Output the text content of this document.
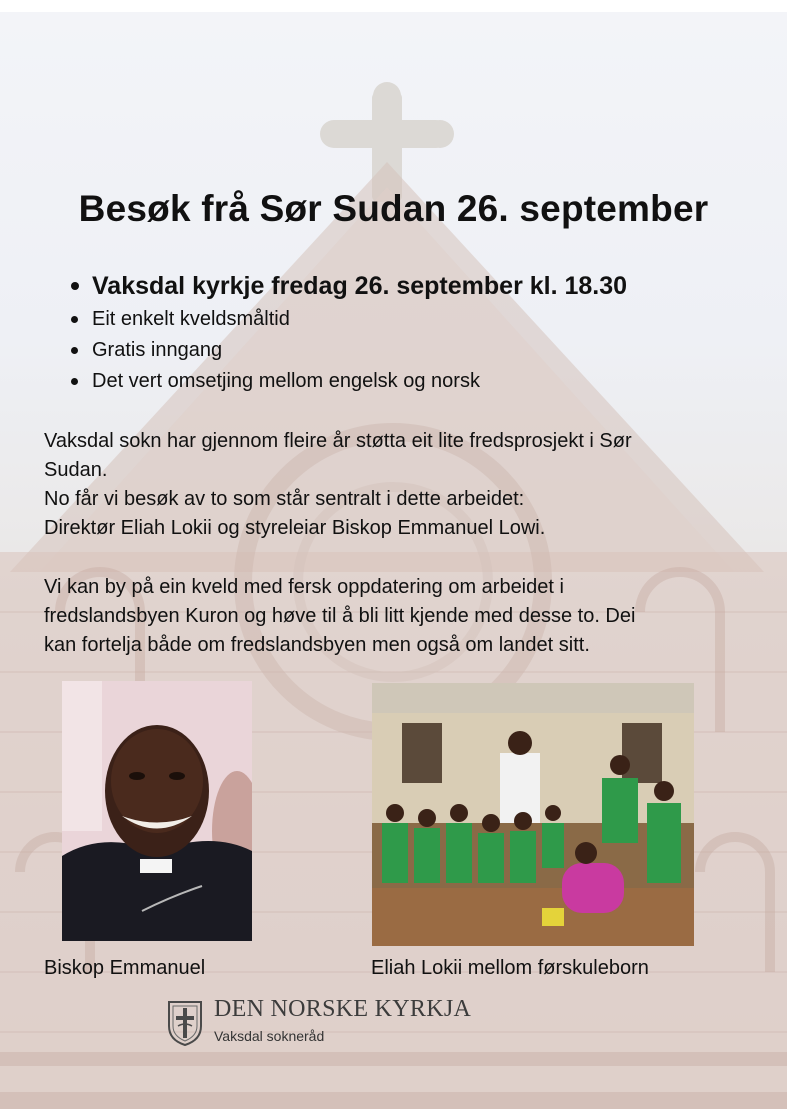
Besøk frå Sør Sudan 26. september
Vaksdal kyrkje fredag 26. september kl. 18.30
Eit enkelt kveldsmåltid
Gratis inngang
Det vert omsetjing mellom engelsk og norsk
Vaksdal sokn har gjennom fleire år støtta eit lite fredsprosjekt i Sør
Sudan.
No får vi besøk av to som står sentralt i dette arbeidet:
Direktør Eliah Lokii og styreleiar Biskop Emmanuel Lowi.
Vi kan by på ein kveld med fersk oppdatering om arbeidet i
fredslandsbyen Kuron og høve til å bli litt kjende med desse to. Dei
kan fortelja både om fredslandsbyen men også om landet sitt.
Biskop Emmanuel	Eliah Lokii mellom førskuleborn
DEN NORSKE KYRKJA
Vaksdal sokneråd
